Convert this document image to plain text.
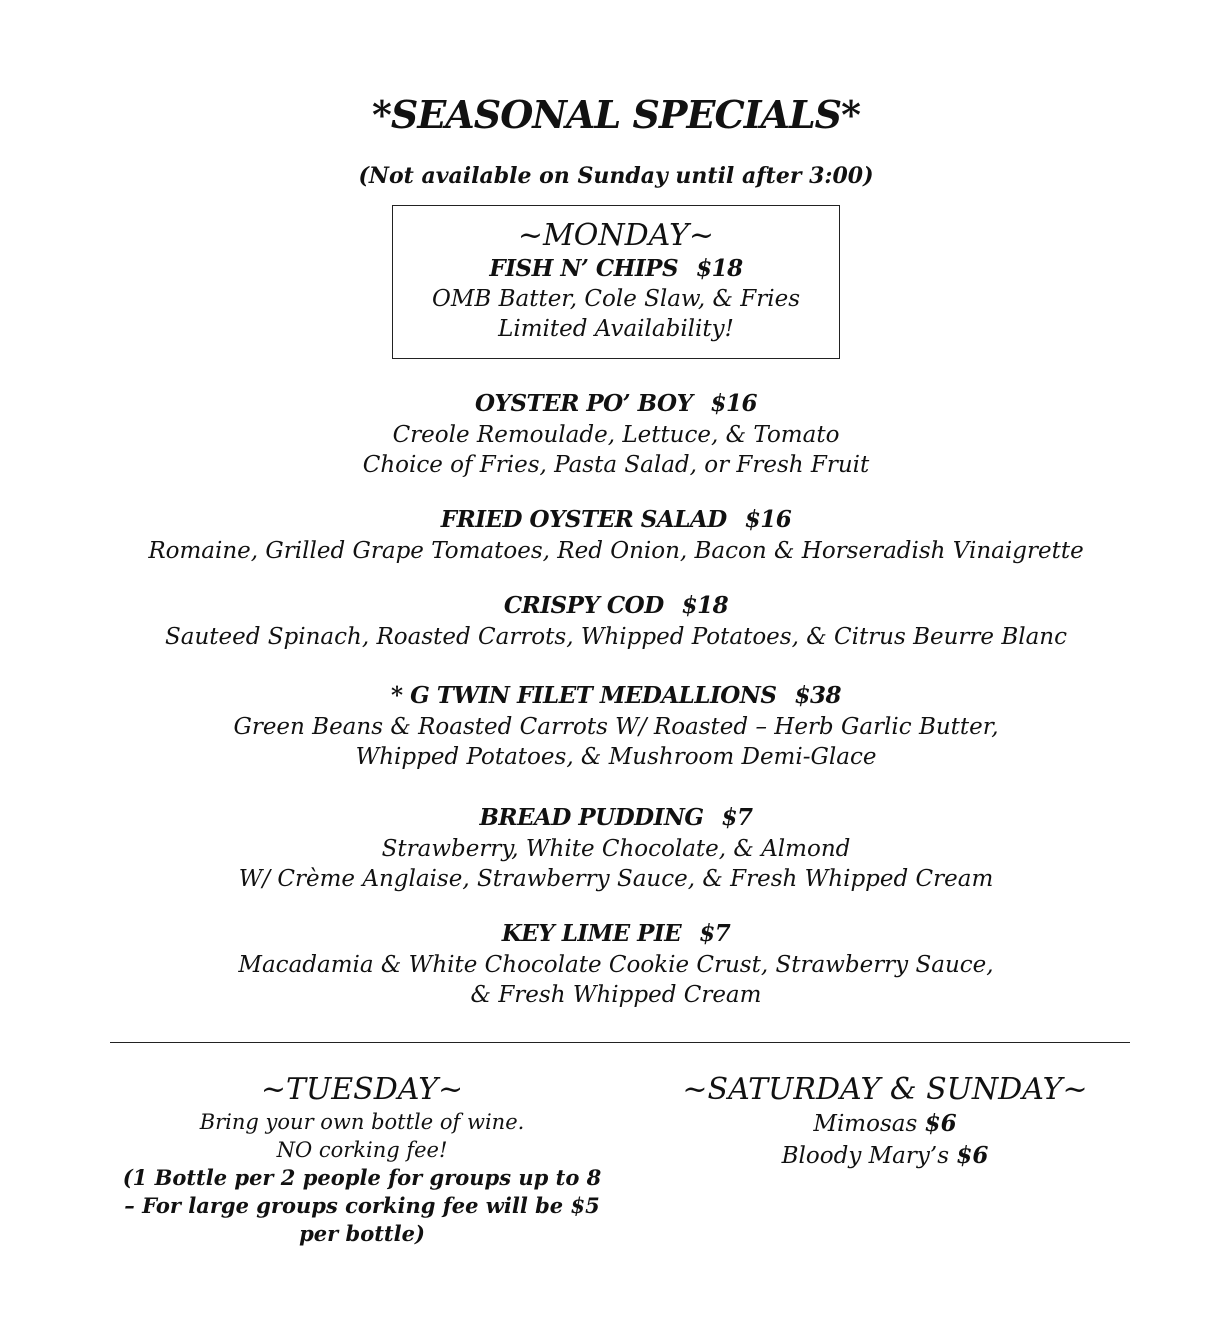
*SEASONAL SPECIALS*
(Not available on Sunday until after 3:00)
~MONDAY~
FISH N’ CHIPS $18
OMB Batter, Cole Slaw, & Fries
Limited Availability!
OYSTER PO’ BOY $16
Creole Remoulade, Lettuce, & Tomato
Choice of Fries, Pasta Salad, or Fresh Fruit
FRIED OYSTER SALAD $16
Romaine, Grilled Grape Tomatoes, Red Onion, Bacon & Horseradish Vinaigrette
CRISPY COD $18
Sauteed Spinach, Roasted Carrots, Whipped Potatoes, & Citrus Beurre Blanc
* G TWIN FILET MEDALLIONS $38
Green Beans & Roasted Carrots W/ Roasted – Herb Garlic Butter,
Whipped Potatoes, & Mushroom Demi-Glace
BREAD PUDDING $7
Strawberry, White Chocolate, & Almond
W/ Crème Anglaise, Strawberry Sauce, & Fresh Whipped Cream
KEY LIME PIE $7
Macadamia & White Chocolate Cookie Crust, Strawberry Sauce,
& Fresh Whipped Cream
~TUESDAY~
Bring your own bottle of wine.
NO corking fee!
(1 Bottle per 2 people for groups up to 8
– For large groups corking fee will be $5
per bottle)
~SATURDAY & SUNDAY~
Mimosas $6
Bloody Mary’s $6
